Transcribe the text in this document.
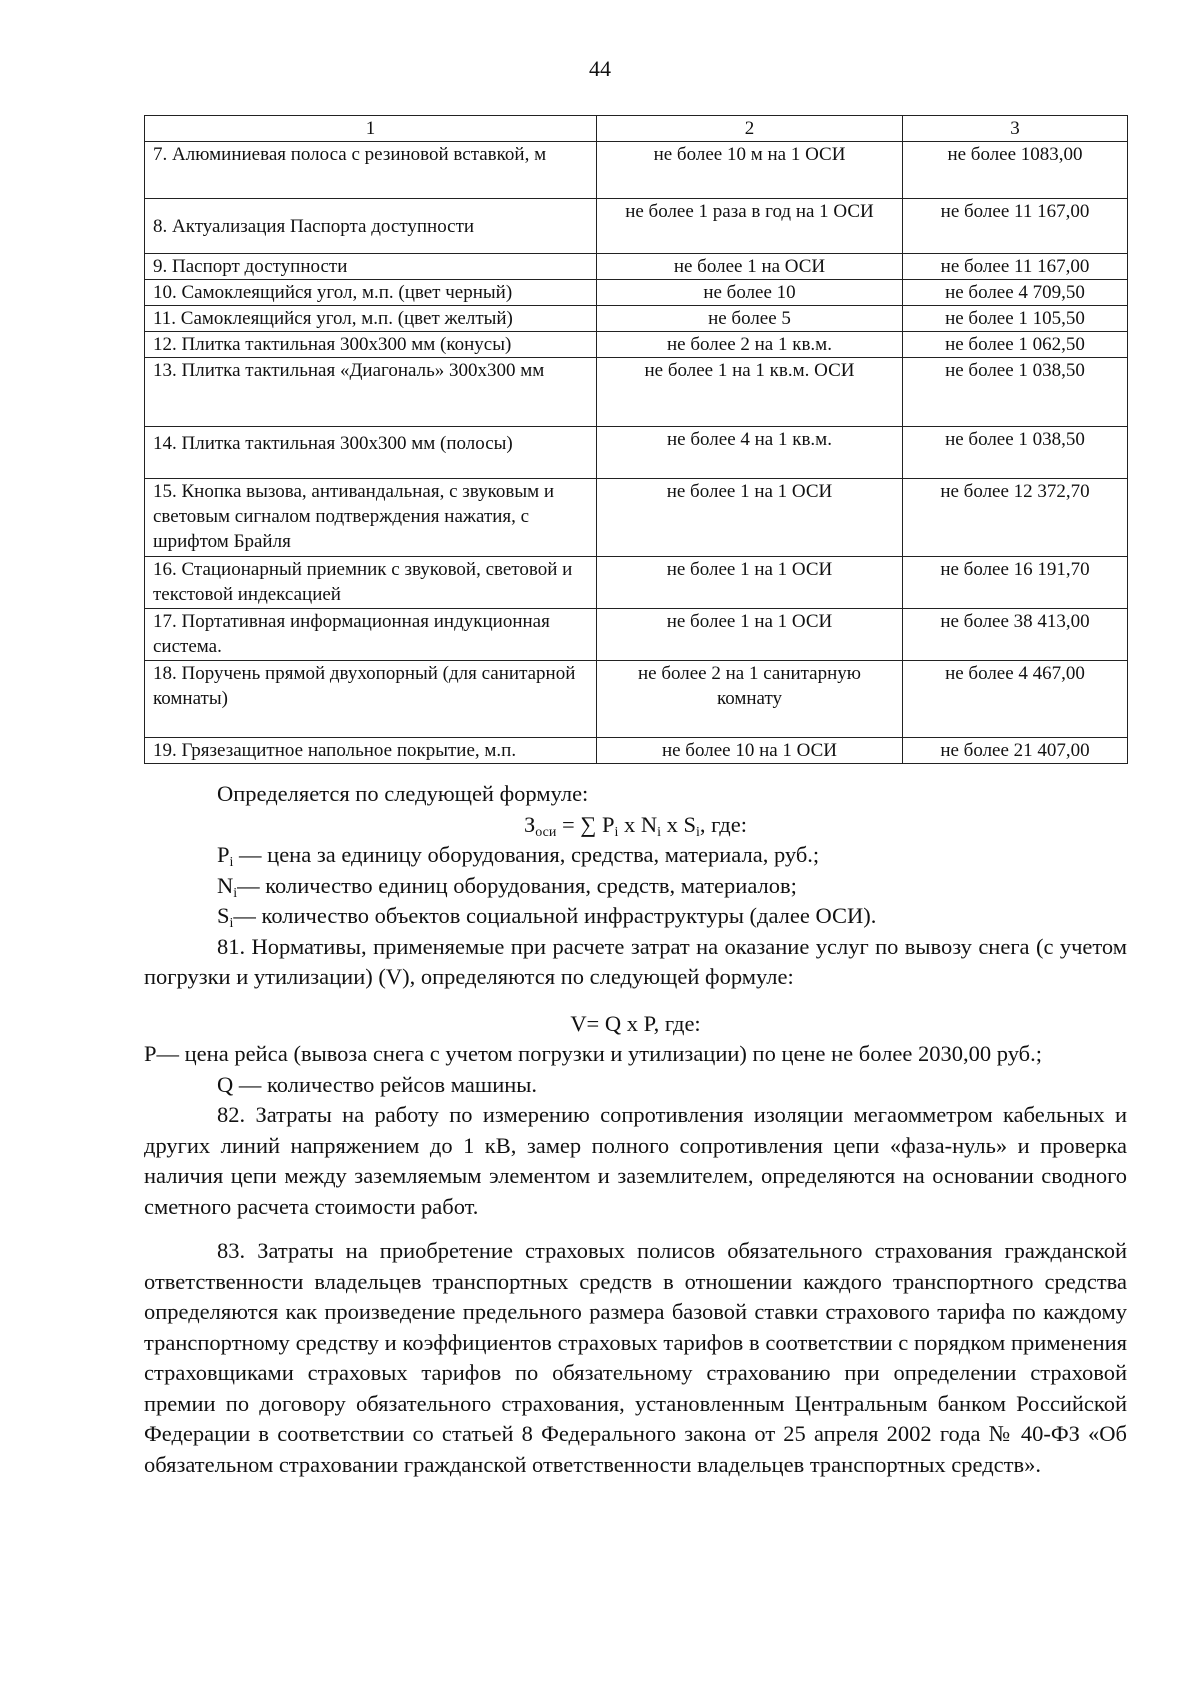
44
1	2	3
7. Алюминиевая полоса с резиновой вставкой, м	не более 10 м на 1 ОСИ	не более 1083,00
8. Актуализация Паспорта доступности	не более 1 раза в год на 1 ОСИ	не более 11 167,00
9. Паспорт доступности	не более 1 на ОСИ	не более 11 167,00
10. Самоклеящийся угол, м.п. (цвет черный)	не более 10	не более 4 709,50
11. Самоклеящийся угол, м.п. (цвет желтый)	не более 5	не более 1 105,50
12. Плитка тактильная 300x300 мм (конусы)	не более 2 на 1 кв.м.	не более 1 062,50
13. Плитка тактильная «Диагональ» 300x300 мм	не более 1 на 1 кв.м. ОСИ	не более 1 038,50
14. Плитка тактильная 300x300 мм (полосы)	не более 4 на 1 кв.м.	не более 1 038,50
15. Кнопка вызова, антивандальная, с звуковым и световым сигналом подтверждения нажатия, с шрифтом Брайля	не более 1 на 1 ОСИ	не более 12 372,70
16. Стационарный приемник с звуковой, световой и текстовой индексацией	не более 1 на 1 ОСИ	не более 16 191,70
17. Портативная информационная индукционная система.	не более 1 на 1 ОСИ	не более 38 413,00
18. Поручень прямой двухопорный (для санитарной комнаты)	не более 2 на 1 санитарную комнату	не более 4 467,00
19. Грязезащитное напольное покрытие, м.п.	не более 10 на 1 ОСИ	не более 21 407,00

Определяется по следующей формуле:

$З_{оси}$ = ∑ $P_i$ x $N_i$ x $S_i$, где:

$P_i$ — цена за единицу оборудования, средства, материала, руб.;

$N_i—$ количество единиц оборудования, средств, материалов;

$S_i—$ количество объектов социальной инфраструктуры (далее ОСИ).

81. Нормативы, применяемые при расчете затрат на оказание услуг по вывозу снега (с учетом погрузки и утилизации) (V), определяются по следующей формуле:

V= Q x P, где:

P— цена рейса (вывоза снега с учетом погрузки и утилизации) по цене не более 2030,00 руб.;

Q — количество рейсов машины.

82. Затраты на работу по измерению сопротивления изоляции мегаомметром кабельных и других линий напряжением до 1 кВ, замер полного сопротивления цепи «фаза-нуль» и проверка наличия цепи между заземляемым элементом и заземлителем, определяются на основании сводного сметного расчета стоимости работ.

83. Затраты на приобретение страховых полисов обязательного страхования гражданской ответственности владельцев транспортных средств в отношении каждого транспортного средства определяются как произведение предельного размера базовой ставки страхового тарифа по каждому транспортному средству и коэффициентов страховых тарифов в соответствии с порядком применения страховщиками страховых тарифов по обязательному страхованию при определении страховой премии по договору обязательного страхования, установленным Центральным банком Российской Федерации в соответствии со статьей 8 Федерального закона от 25 апреля 2002 года № 40-ФЗ «Об обязательном страховании гражданской ответственности владельцев транспортных средств».
